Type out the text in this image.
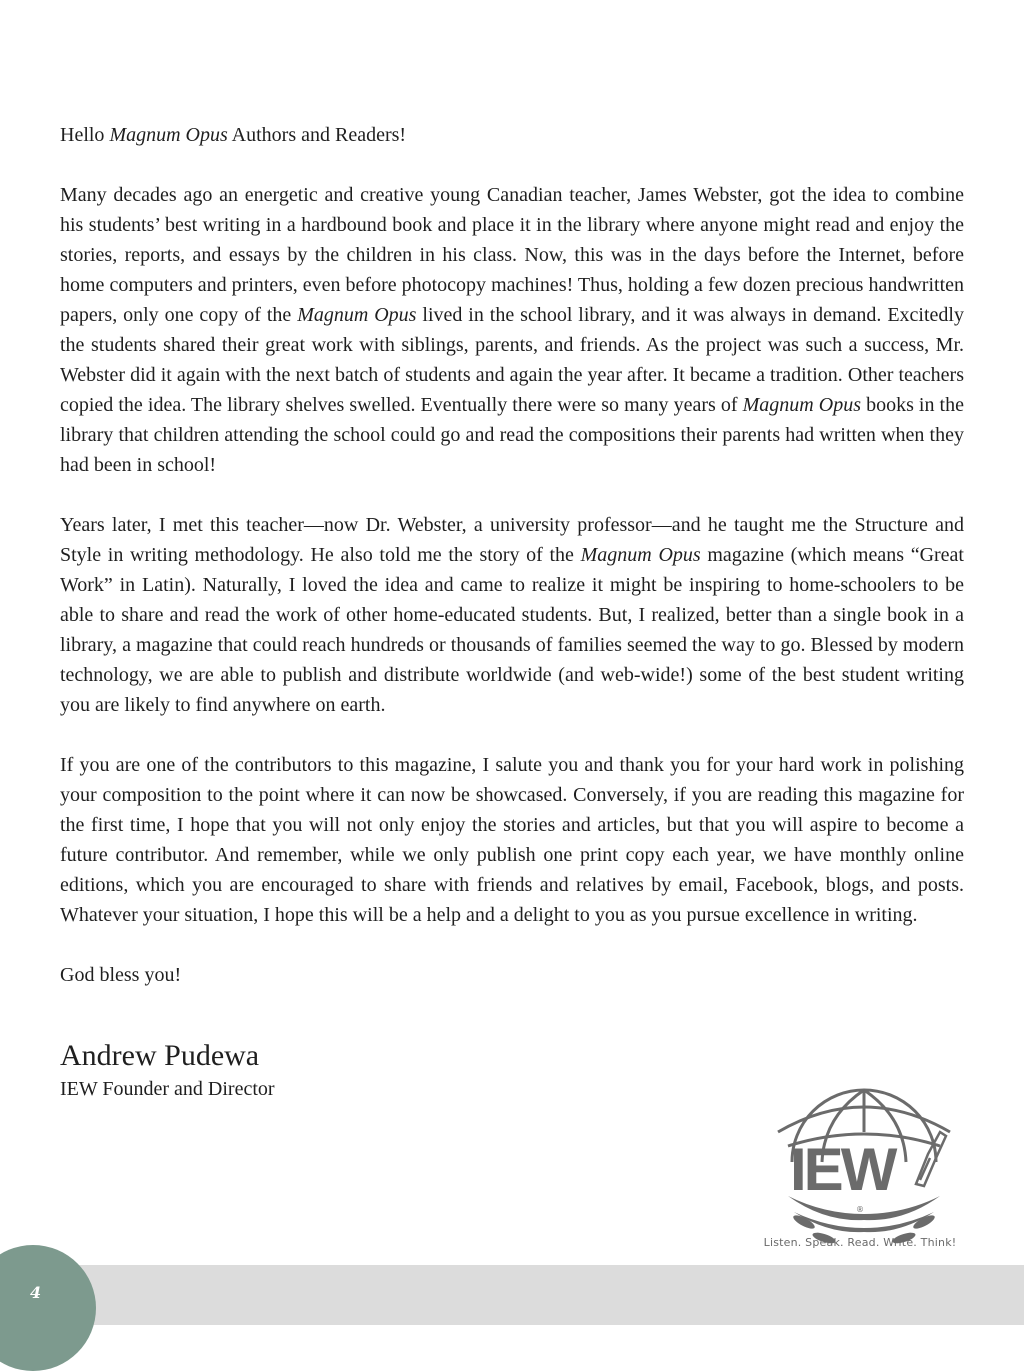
Hello Magnum Opus Authors and Readers!

Many decades ago an energetic and creative young Canadian teacher, James Webster, got the idea to combine his students’ best writing in a hardbound book and place it in the library where anyone might read and enjoy the stories, reports, and essays by the children in his class. Now, this was in the days before the Internet, before home computers and printers, even before photocopy machines! Thus, holding a few dozen precious handwritten papers, only one copy of the Magnum Opus lived in the school library, and it was always in demand. Excitedly the students shared their great work with siblings, parents, and friends. As the project was such a success, Mr. Webster did it again with the next batch of students and again the year after. It became a tradition. Other teachers copied the idea. The library shelves swelled. Eventually there were so many years of Magnum Opus books in the library that children attending the school could go and read the compositions their parents had written when they had been in school!

Years later, I met this teacher—now Dr. Webster, a university professor—and he taught me the Structure and Style in writing methodology. He also told me the story of the Magnum Opus magazine (which means “Great Work” in Latin). Naturally, I loved the idea and came to realize it might be inspiring to home-schoolers to be able to share and read the work of other home-educated students. But, I realized, better than a single book in a library, a magazine that could reach hundreds or thousands of families seemed the way to go. Blessed by modern technology, we are able to publish and distribute worldwide (and web-wide!) some of the best student writing you are likely to find anywhere on earth.

If you are one of the contributors to this magazine, I salute you and thank you for your hard work in polishing your composition to the point where it can now be showcased. Conversely, if you are reading this magazine for the first time, I hope that you will not only enjoy the stories and articles, but that you will aspire to become a future contributor. And remember, while we only publish one print copy each year, we have monthly online editions, which you are encouraged to share with friends and relatives by email, Facebook, blogs, and posts. Whatever your situation, I hope this will be a help and a delight to you as you pursue excellence in writing.

God bless you!

Andrew Pudewa

IEW Founder and Director

IEW
®
Listen. Speak. Read. Write. Think!
4
